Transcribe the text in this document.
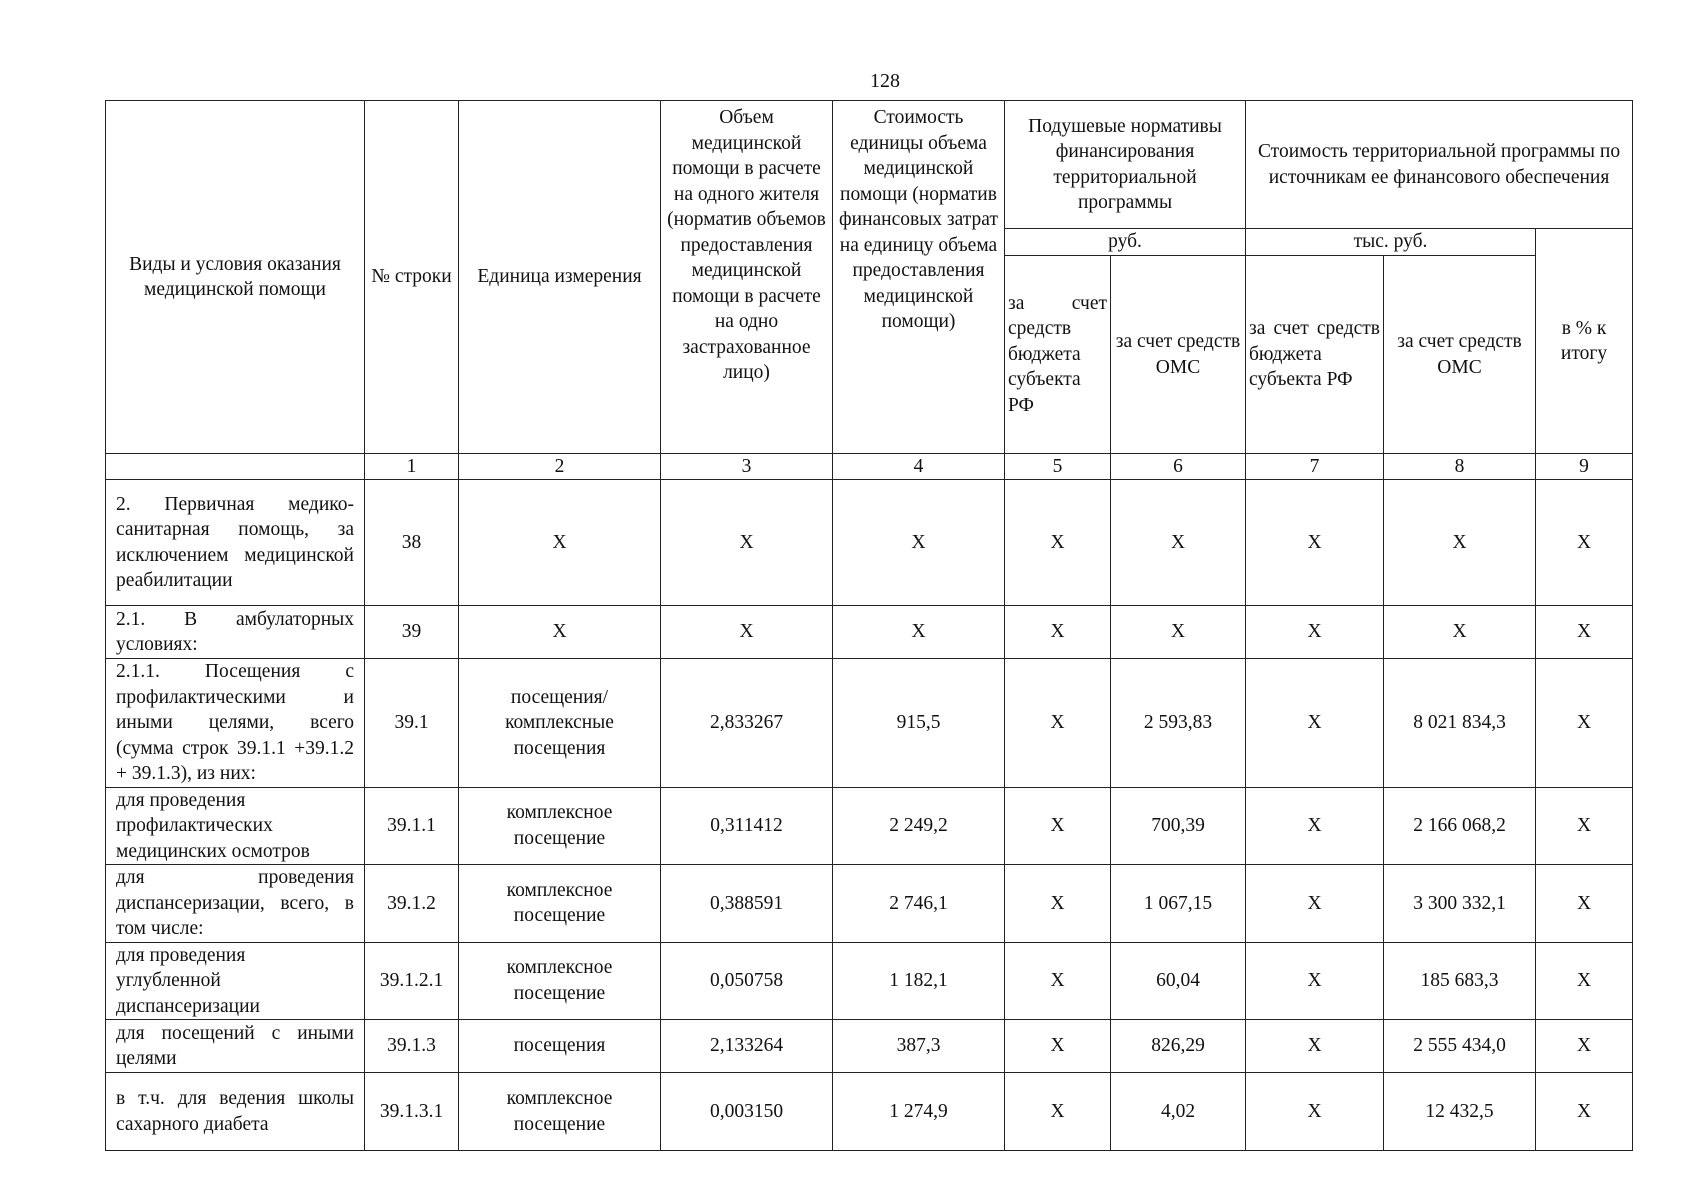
128
Виды и условия оказания медицинской помощи	№ строки	Единица измерения	Объем медицинской помощи в расчете на одного жителя (норматив объемов предоставления медицинской помощи в расчете на одно застрахованное лицо)	Стоимость единицы объема медицинской помощи (норматив финансовых затрат на единицу объема предоставления медицинской помощи)	Подушевые нормативы финансирования территориальной программы		Стоимость территориальной программы по источникам ее финансового обеспечения		
					руб.		тыс. руб.		в % к итогу
					за счет средств бюджета субъекта РФ	за счет средств ОМС	за счет средств бюджета субъекта РФ	за счет средств ОМС	
	1	2	3	4	5	6	7	8	9
2. Первичная медико-санитарная помощь, за исключением медицинской реабилитации	38	X	X	X	X	X	X	X	X
2.1. В амбулаторных условиях:	39	X	X	X	X	X	X	X	X
2.1.1. Посещения с профилактическими и иными целями, всего (сумма строк 39.1.1 +39.1.2 + 39.1.3), из них:	39.1	посещения/ комплексные посещения	2,833267	915,5	X	2 593,83	X	8 021 834,3	X
для проведения профилактических медицинских осмотров	39.1.1	комплексное посещение	0,311412	2 249,2	X	700,39	X	2 166 068,2	X
для проведения диспансеризации, всего, в том числе:	39.1.2	комплексное посещение	0,388591	2 746,1	X	1 067,15	X	3 300 332,1	X
для проведения углубленной диспансеризации	39.1.2.1	комплексное посещение	0,050758	1 182,1	X	60,04	X	185 683,3	X
для посещений с иными целями	39.1.3	посещения	2,133264	387,3	X	826,29	X	2 555 434,0	X
в т.ч. для ведения школы сахарного диабета	39.1.3.1	комплексное посещение	0,003150	1 274,9	X	4,02	X	12 432,5	X
